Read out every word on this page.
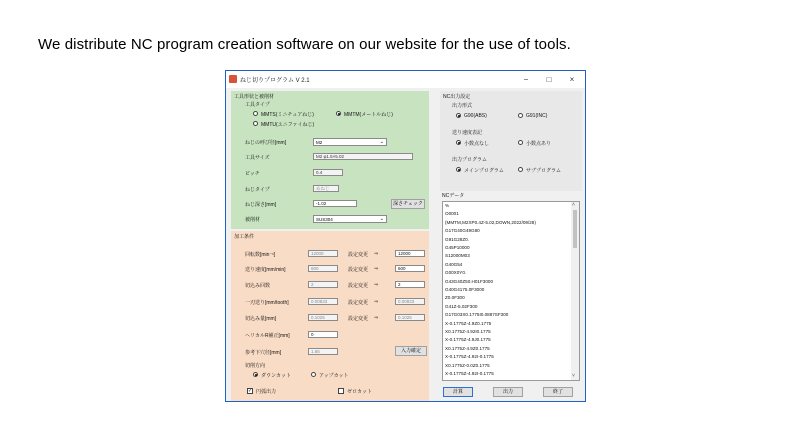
We distribute NC program creation software on our website for the use of tools.
ねじ切りプログラム V 2.1	−	□	×
工具形状と被削材
工具タイプ
MMTS(ミニチュアねじ)	MMTM(メートルねじ)
MMTU(ユニファイねじ)
ねじの呼び径[mm]	M2	⌄
工具サイズ	M2 φ1.5×5.02
ピッチ	0.4
ねじタイプ	めねじ
ねじ深さ[mm]	-1.02	深さチェック
被削材	SUS304	⌄
加工条件
回転数[min⁻¹]	12000	設定変更 ⇒	12000
送り速度[mm/min]	600	設定変更 ⇒	600
切込み回数	2	設定変更 ⇒	2
一刃送り[mm/tooth]	0.00833	設定変更 ⇒	0.00833
切込み量[mm]	0.1025	設定変更 ⇒	0.1025
ヘリカルR補正[mm]	0
参考下穴径[mm]	1.65	入力確定
切削方向
ダウンカット	アップカット
✓ 円弧出力	ゼロカット
NC出力設定
出力形式
G90(ABS)	G91(INC)
送り速度表記
小数点なし	小数点あり
出力プログラム
メインプログラム	サブプログラム
NCデータ
˄
˅
%
O0001
(MMTM,M2XP0.4Z-5.02,DOWN,2022/09/28)
G17G40G49G80
G91G28Z0.
G45P10000
S12000M03
G40G54
G00X0Y0.
G43G40Z50.H01F3000
G40G4175.0F3000
Z0.0F300
G41Z-5.02F300
G17G03X0.1775I0.0887SF300
X-0.1775Z-4.9Z0.1775
X0.1775Z-4.92I0.1775
X-0.1775Z-4.9J0.1775
X0.1775Z-4.9Z0.1775
X-0.1775Z-4.92I-0.1775
X0.1775Z-0.0Z0.1775
X-0.1775Z-4.92I-0.1775
計算	出力	終了
